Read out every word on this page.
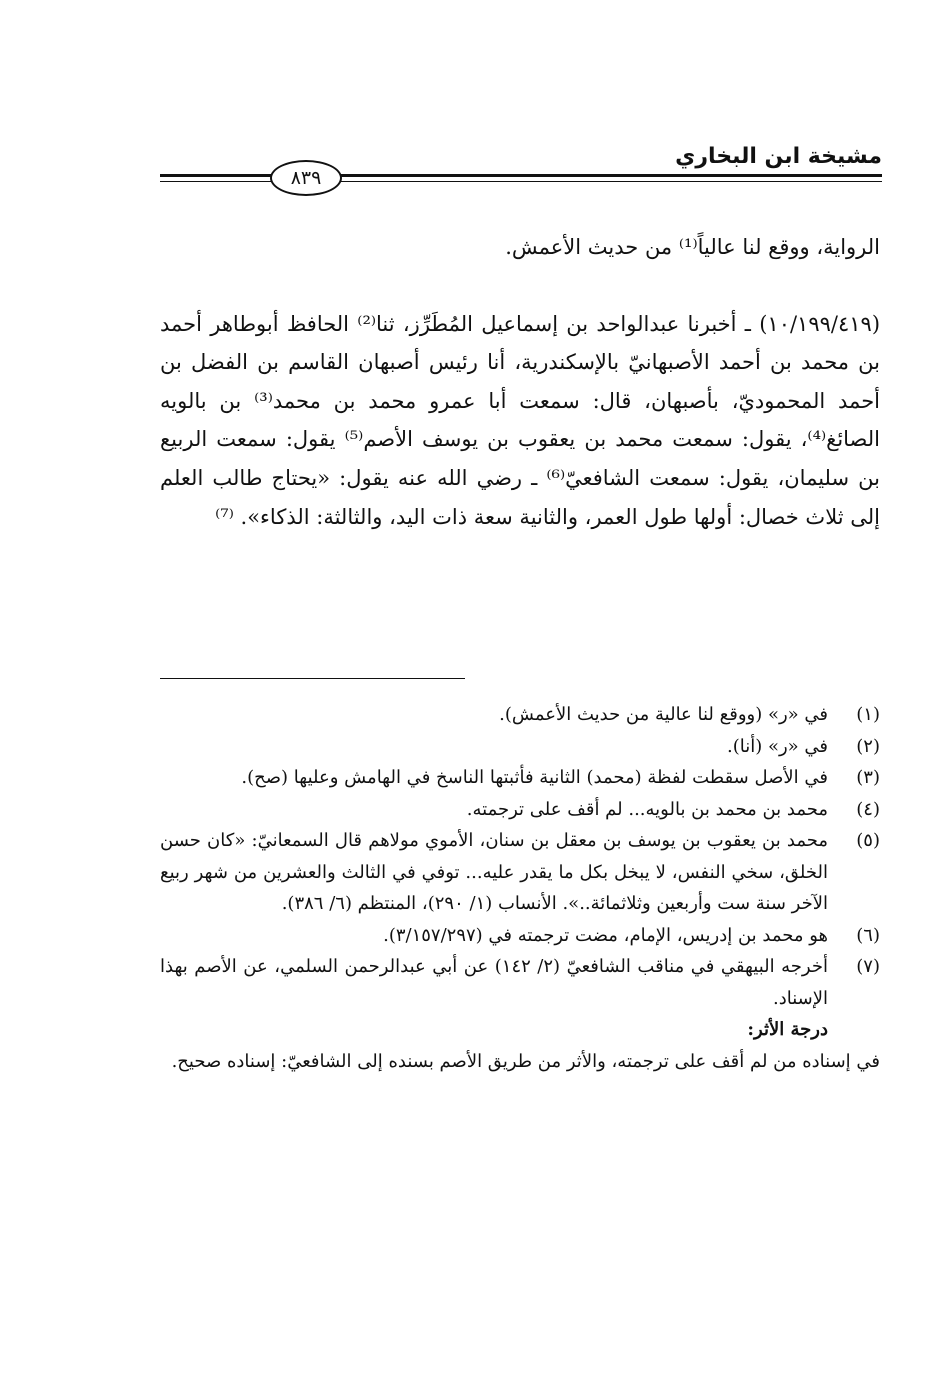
مشيخة ابن البخاري
٨٣٩

الرواية، ووقع لنا عالياً⁽¹⁾ من حديث الأعمش.

(١٠/١٩٩/٤١٩) ـ أخبرنا عبدالواحد بن إسماعيل المُطَرِّز، ثنا⁽²⁾ الحافظ أبوطاهر أحمد بن محمد بن أحمد الأصبهانيّ بالإسكندرية، أنا رئيس أصبهان القاسم بن الفضل بن أحمد المحموديّ، بأصبهان، قال: سمعت أبا عمرو محمد بن محمد⁽³⁾ بن بالويه الصائغ⁽⁴⁾، يقول: سمعت محمد بن يعقوب بن يوسف الأصم⁽⁵⁾ يقول: سمعت الربيع بن سليمان، يقول: سمعت الشافعيّ⁽⁶⁾ ـ رضي الله عنه يقول: «يحتاج طالب العلم إلى ثلاث خصال: أولها طول العمر، والثانية سعة ذات اليد، والثالثة: الذكاء». ⁽⁷⁾

(١)
في «ر» (ووقع لنا عالية من حديث الأعمش).
(٢)
في «ر» (أنا).
(٣)
في الأصل سقطت لفظة (محمد) الثانية فأثبتها الناسخ في الهامش وعليها (صح).
(٤)
محمد بن محمد بن بالويه... لم أقف على ترجمته.
(٥)
محمد بن يعقوب بن يوسف بن معقل بن سنان، الأموي مولاهم قال السمعانيّ: «كان حسن الخلق، سخي النفس، لا يبخل بكل ما يقدر عليه... توفي في الثالث والعشرين من شهر ربيع الآخر سنة ست وأربعين وثلاثمائة..». الأنساب (١/ ٢٩٠)، المنتظم (٦/ ٣٨٦).
(٦)
هو محمد بن إدريس، الإمام، مضت ترجمته في (٣/١٥٧/٢٩٧).
(٧)
أخرجه البيهقي في مناقب الشافعيّ (٢/ ١٤٢) عن أبي عبدالرحمن السلمي، عن الأصم بهذا الإسناد.
درجة الأثر:
في إسناده من لم أقف على ترجمته، والأثر من طريق الأصم بسنده إلى الشافعيّ: إسناده صحيح.
